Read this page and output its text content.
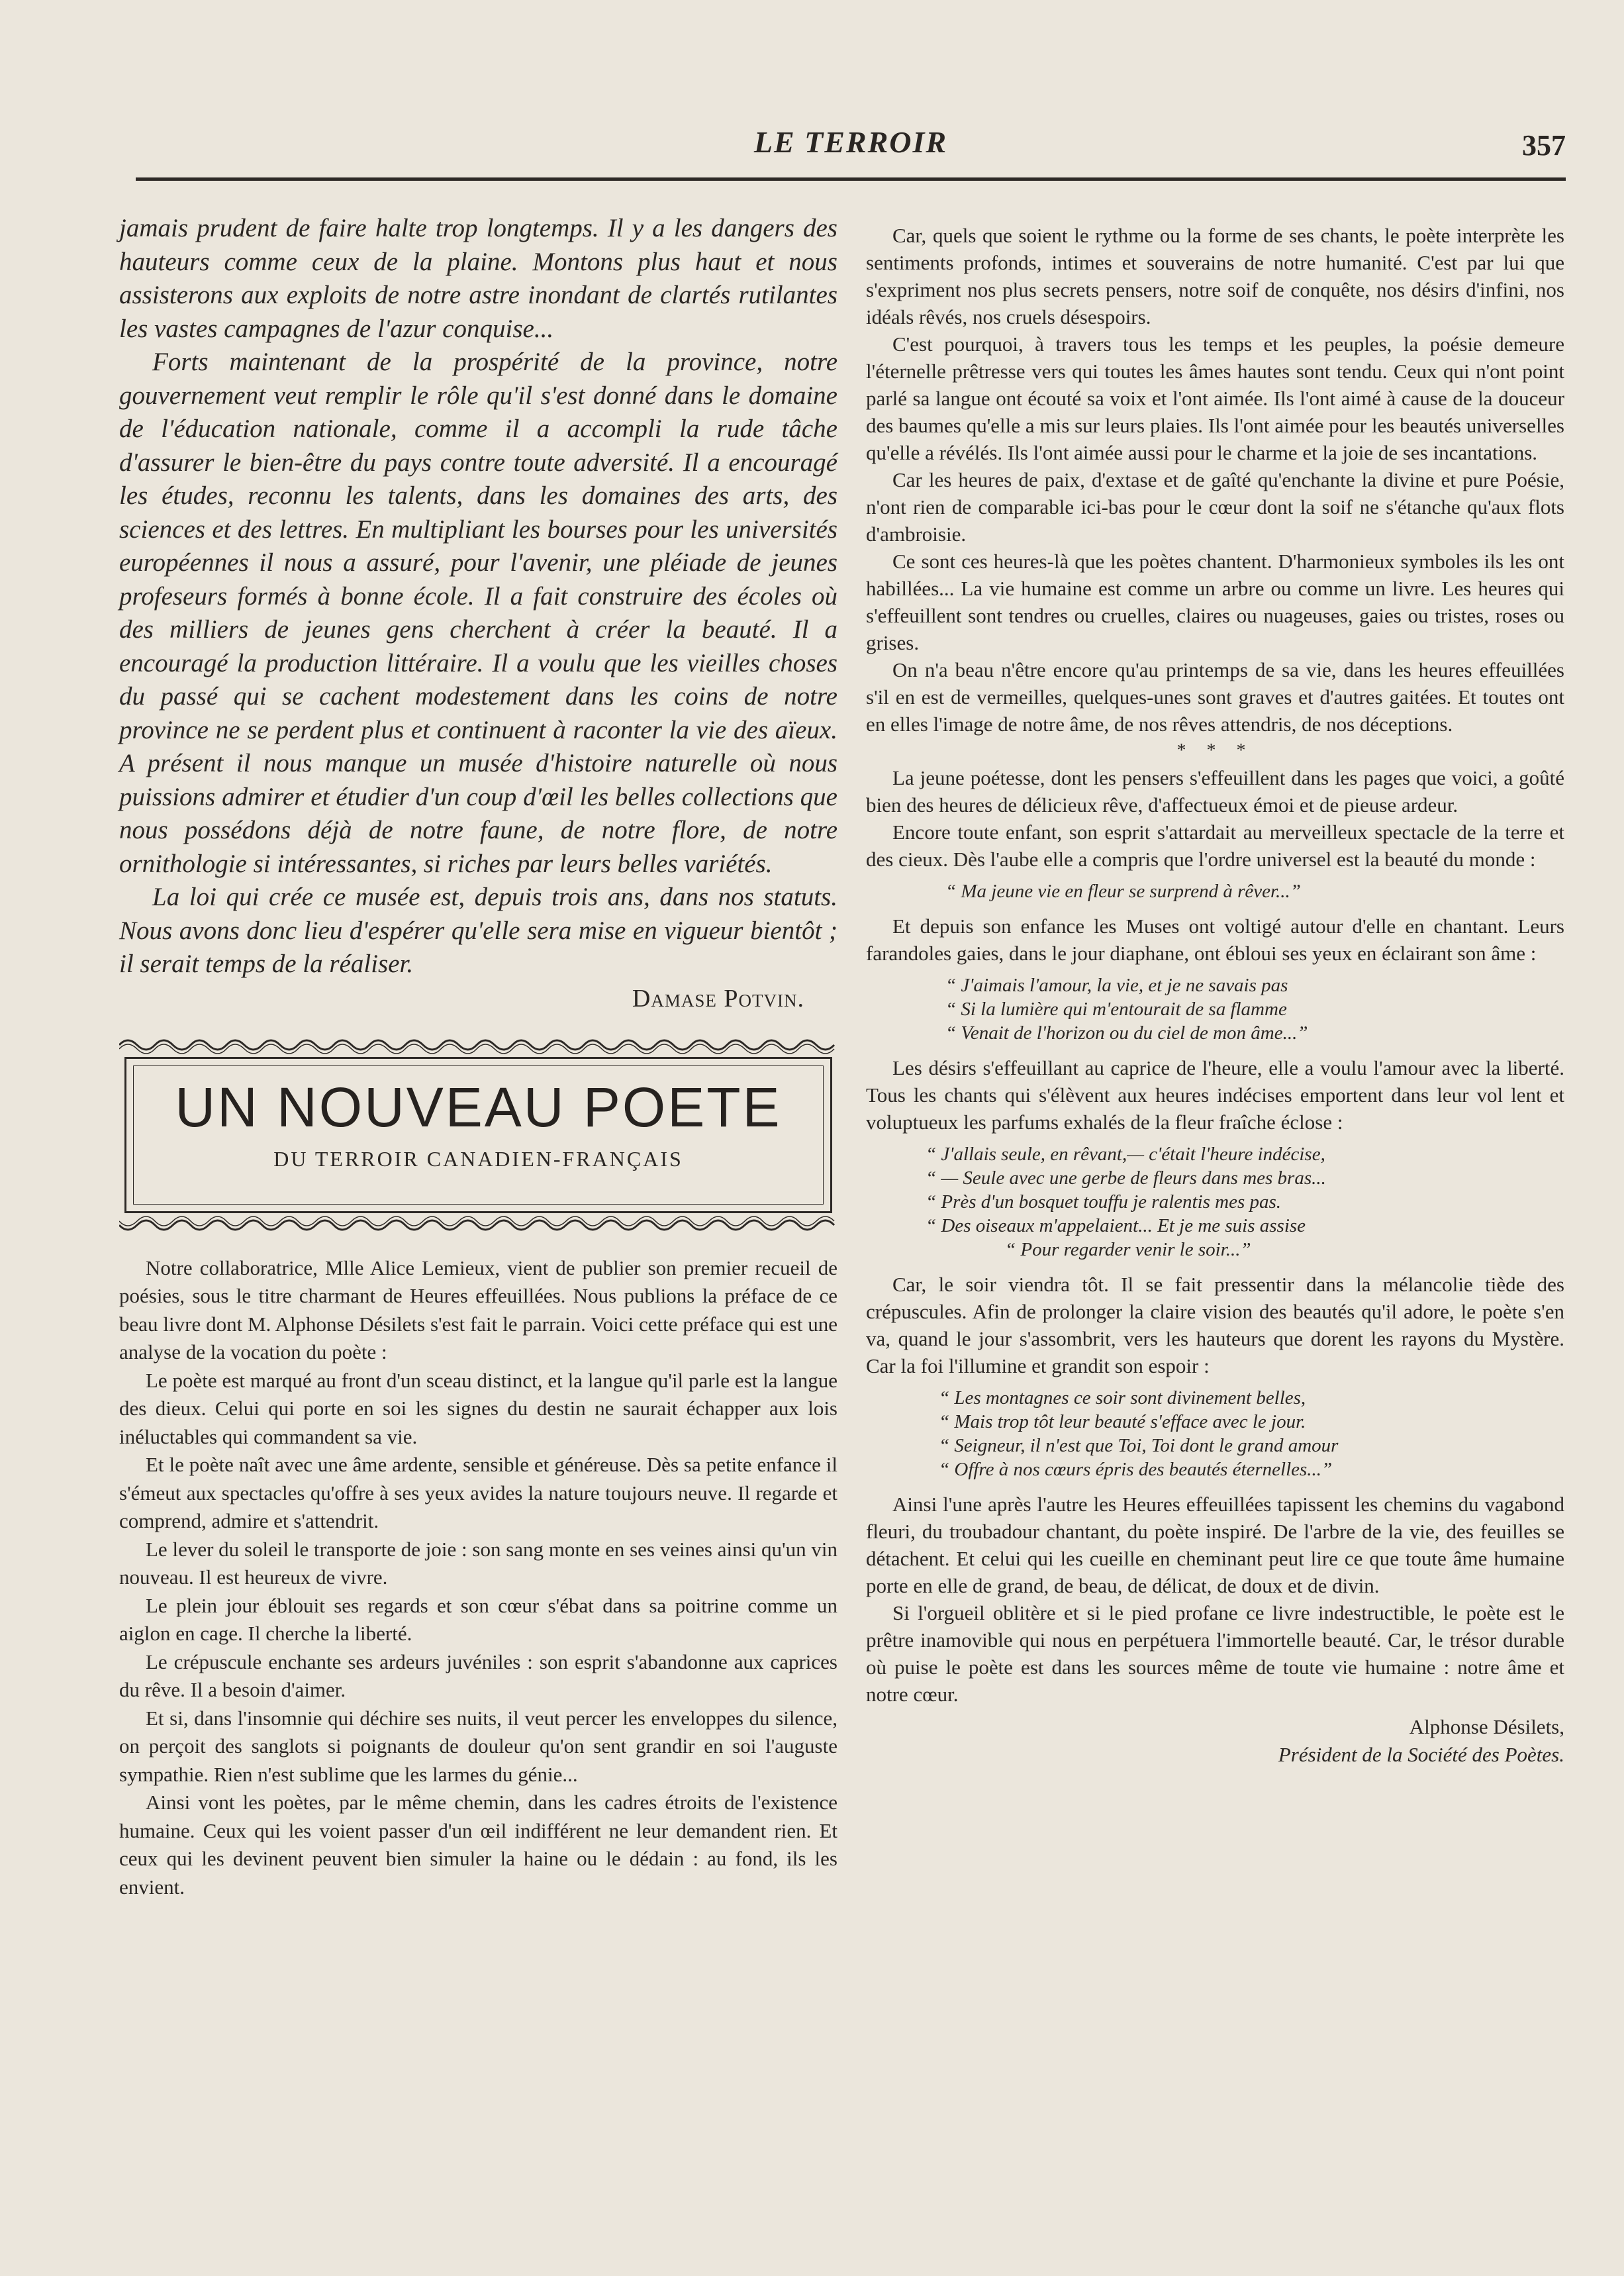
LE TERROIR	357

jamais prudent de faire halte trop longtemps. Il y a les dangers des hauteurs comme ceux de la plaine. Montons plus haut et nous assisterons aux exploits de notre astre inondant de clartés rutilantes les vastes campagnes de l'azur conquise...

Forts maintenant de la prospérité de la province, notre gouvernement veut remplir le rôle qu'il s'est donné dans le domaine de l'éducation nationale, comme il a accompli la rude tâche d'assurer le bien-être du pays contre toute adversité. Il a encouragé les études, reconnu les talents, dans les domaines des arts, des sciences et des lettres. En multipliant les bourses pour les universités européennes il nous a assuré, pour l'avenir, une pléiade de jeunes profeseurs formés à bonne école. Il a fait construire des écoles où des milliers de jeunes gens cherchent à créer la beauté. Il a encouragé la production littéraire. Il a voulu que les vieilles choses du passé qui se cachent modestement dans les coins de notre province ne se perdent plus et continuent à raconter la vie des aïeux. A présent il nous manque un musée d'histoire naturelle où nous puissions admirer et étudier d'un coup d'œil les belles collections que nous possédons déjà de notre faune, de notre flore, de notre ornithologie si intéressantes, si riches par leurs belles variétés.

La loi qui crée ce musée est, depuis trois ans, dans nos statuts. Nous avons donc lieu d'espérer qu'elle sera mise en vigueur bientôt ; il serait temps de la réaliser.

Damase Potvin.
UN NOUVEAU POETE
DU TERROIR CANADIEN-FRANÇAIS

Notre collaboratrice, Mlle Alice Lemieux, vient de publier son premier recueil de poésies, sous le titre charmant de Heures effeuillées. Nous publions la préface de ce beau livre dont M. Alphonse Désilets s'est fait le parrain. Voici cette préface qui est une analyse de la vocation du poète :

Le poète est marqué au front d'un sceau distinct, et la langue qu'il parle est la langue des dieux. Celui qui porte en soi les signes du destin ne saurait échapper aux lois inéluctables qui commandent sa vie.

Et le poète naît avec une âme ardente, sensible et généreuse. Dès sa petite enfance il s'émeut aux spectacles qu'offre à ses yeux avides la nature toujours neuve. Il regarde et comprend, admire et s'attendrit.

Le lever du soleil le transporte de joie : son sang monte en ses veines ainsi qu'un vin nouveau. Il est heureux de vivre.

Le plein jour éblouit ses regards et son cœur s'ébat dans sa poitrine comme un aiglon en cage. Il cherche la liberté.

Le crépuscule enchante ses ardeurs juvéniles : son esprit s'abandonne aux caprices du rêve. Il a besoin d'aimer.

Et si, dans l'insomnie qui déchire ses nuits, il veut percer les enveloppes du silence, on perçoit des sanglots si poignants de douleur qu'on sent grandir en soi l'auguste sympathie. Rien n'est sublime que les larmes du génie...

Ainsi vont les poètes, par le même chemin, dans les cadres étroits de l'existence humaine. Ceux qui les voient passer d'un œil indifférent ne leur demandent rien. Et ceux qui les devinent peuvent bien simuler la haine ou le dédain : au fond, ils les envient.

Car, quels que soient le rythme ou la forme de ses chants, le poète interprète les sentiments profonds, intimes et souverains de notre humanité. C'est par lui que s'expriment nos plus secrets pensers, notre soif de conquête, nos désirs d'infini, nos idéals rêvés, nos cruels désespoirs.

C'est pourquoi, à travers tous les temps et les peuples, la poésie demeure l'éternelle prêtresse vers qui toutes les âmes hautes sont tendu. Ceux qui n'ont point parlé sa langue ont écouté sa voix et l'ont aimée. Ils l'ont aimé à cause de la douceur des baumes qu'elle a mis sur leurs plaies. Ils l'ont aimée pour les beautés universelles qu'elle a révélés. Ils l'ont aimée aussi pour le charme et la joie de ses incantations.

Car les heures de paix, d'extase et de gaîté qu'enchante la divine et pure Poésie, n'ont rien de comparable ici-bas pour le cœur dont la soif ne s'étanche qu'aux flots d'ambroisie.

Ce sont ces heures-là que les poètes chantent. D'harmonieux symboles ils les ont habillées... La vie humaine est comme un arbre ou comme un livre. Les heures qui s'effeuillent sont tendres ou cruelles, claires ou nuageuses, gaies ou tristes, roses ou grises.

On n'a beau n'être encore qu'au printemps de sa vie, dans les heures effeuillées s'il en est de vermeilles, quelques-unes sont graves et d'autres gaitées. Et toutes ont en elles l'image de notre âme, de nos rêves attendris, de nos déceptions.

* * *

La jeune poétesse, dont les pensers s'effeuillent dans les pages que voici, a goûté bien des heures de délicieux rêve, d'affectueux émoi et de pieuse ardeur.

Encore toute enfant, son esprit s'attardait au merveilleux spectacle de la terre et des cieux. Dès l'aube elle a compris que l'ordre universel est la beauté du monde :

“ Ma jeune vie en fleur se surprend à rêver...”

Et depuis son enfance les Muses ont voltigé autour d'elle en chantant. Leurs farandoles gaies, dans le jour diaphane, ont ébloui ses yeux en éclairant son âme :

“ J'aimais l'amour, la vie, et je ne savais pas
“ Si la lumière qui m'entourait de sa flamme
“ Venait de l'horizon ou du ciel de mon âme...”

Les désirs s'effeuillant au caprice de l'heure, elle a voulu l'amour avec la liberté. Tous les chants qui s'élèvent aux heures indécises emportent dans leur vol lent et voluptueux les parfums exhalés de la fleur fraîche éclose :

“ J'allais seule, en rêvant,— c'était l'heure indécise,
“ — Seule avec une gerbe de fleurs dans mes bras...
“ Près d'un bosquet touffu je ralentis mes pas.
“ Des oiseaux m'appelaient... Et je me suis assise
“ Pour regarder venir le soir...”

Car, le soir viendra tôt. Il se fait pressentir dans la mélancolie tiède des crépuscules. Afin de prolonger la claire vision des beautés qu'il adore, le poète s'en va, quand le jour s'assombrit, vers les hauteurs que dorent les rayons du Mystère. Car la foi l'illumine et grandit son espoir :

“ Les montagnes ce soir sont divinement belles,
“ Mais trop tôt leur beauté s'efface avec le jour.
“ Seigneur, il n'est que Toi, Toi dont le grand amour
“ Offre à nos cœurs épris des beautés éternelles...”

Ainsi l'une après l'autre les Heures effeuillées tapissent les chemins du vagabond fleuri, du troubadour chantant, du poète inspiré. De l'arbre de la vie, des feuilles se détachent. Et celui qui les cueille en cheminant peut lire ce que toute âme humaine porte en elle de grand, de beau, de délicat, de doux et de divin.

Si l'orgueil oblitère et si le pied profane ce livre indestructible, le poète est le prêtre inamovible qui nous en perpétuera l'immortelle beauté. Car, le trésor durable où puise le poète est dans les sources même de toute vie humaine : notre âme et notre cœur.

Alphonse Désilets,
Président de la Société des Poètes.
